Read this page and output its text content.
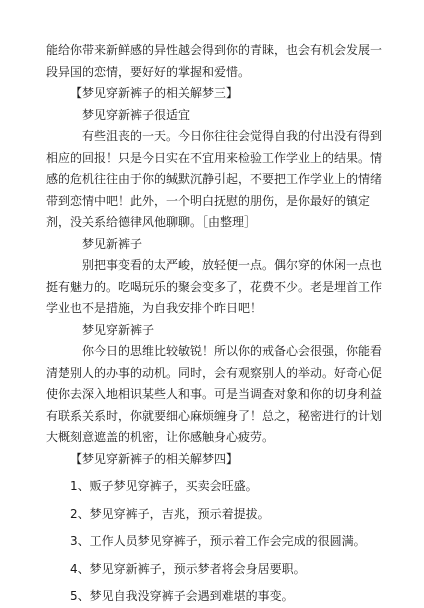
能给你带来新鲜感的异性越会得到你的青睐，也会有机会发展一段异国的恋情，要好好的掌握和爱惜。

【梦见穿新裤子的相关解梦三】

梦见穿新裤子很适宜

有些沮丧的一天。今日你往往会觉得自我的付出没有得到相应的回报！只是今日实在不宜用来检验工作学业上的结果。情感的危机往往由于你的缄默沉静引起，不要把工作学业上的情绪带到恋情中吧！此外，一个明白抚慰的朋伤，是你最好的镇定剂，没关系给德律风他聊聊。［由整理］

梦见新裤子

别把事变看的太严峻，放轻便一点。偶尔穿的休闲一点也挺有魅力的。吃喝玩乐的聚会变多了，花费不少。老是埋首工作学业也不是措施，为自我安排个昨日吧！

梦见穿新裤子

你今日的思维比较敏锐！所以你的戒备心会很强，你能看清楚别人的办事的动机。同时，会有观察别人的举动。好奇心促使你去深入地相识某些人和事。可是当调查对象和你的切身利益有联系关系时，你就要细心麻烦缠身了！总之，秘密进行的计划大概刻意遮盖的机密，让你感触身心疲劳。

【梦见穿新裤子的相关解梦四】

1、贩子梦见穿裤子，买卖会旺盛。

2、梦见穿裤子，吉兆，预示着提拔。

3、工作人员梦见穿裤子，预示着工作会完成的很圆满。

4、梦见穿新裤子，预示梦者将会身居要职。

5、梦见自我没穿裤子会遇到难堪的事变。
